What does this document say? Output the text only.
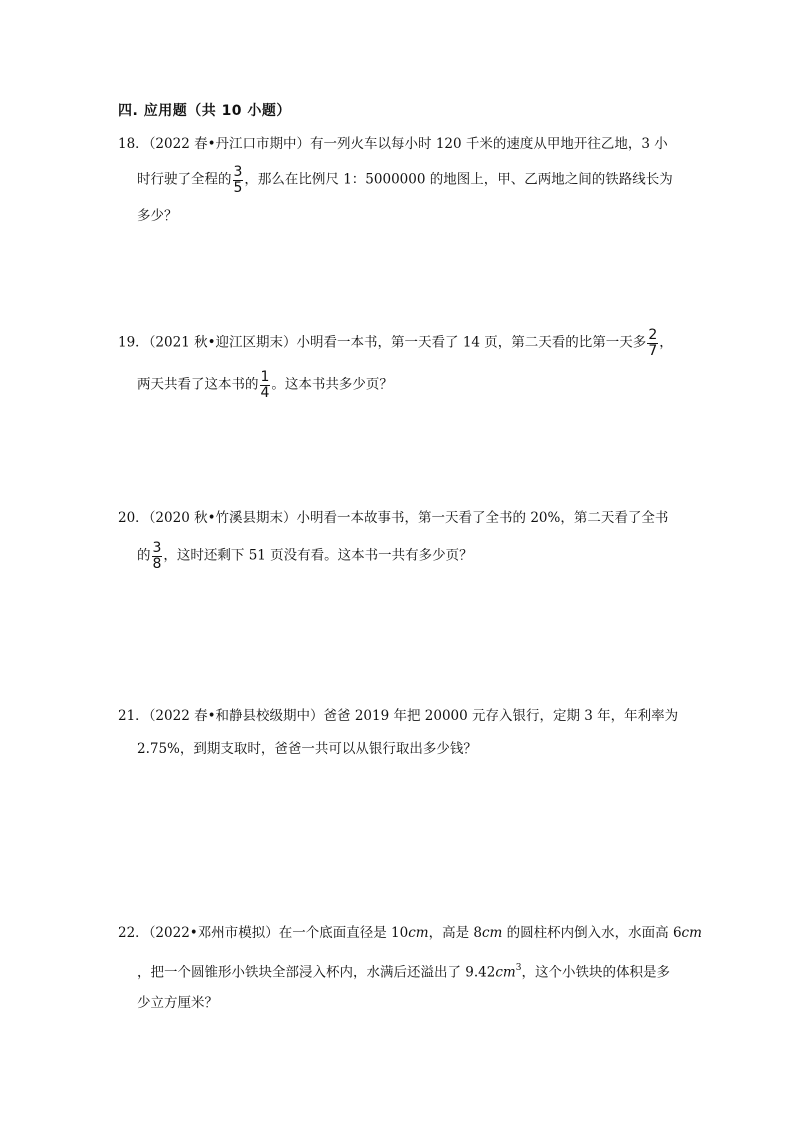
四. 应用题（共 10 小题）
18．（2022 春•丹江口市期中）有一列火车以每小时 120 千米的速度从甲地开往乙地，3 小
时行驶了全程的 $\frac{3}{5}$ ，那么在比例尺 1：5000000 的地图上，甲、乙两地之间的铁路线长为
多少？
19．（2021 秋•迎江区期末）小明看一本书，第一天看了 14 页，第二天看的比第一天多 $\frac{2}{7}$ ，
两天共看了这本书的 $\frac{1}{4}$ 。这本书共多少页？
20．（2020 秋•竹溪县期末）小明看一本故事书，第一天看了全书的 20%，第二天看了全书
的 $\frac{3}{8}$ ，这时还剩下 51 页没有看。这本书一共有多少页？
21．（2022 春•和静县校级期中）爸爸 2019 年把 20000 元存入银行，定期 3 年，年利率为
2.75%，到期支取时，爸爸一共可以从银行取出多少钱？
22．（2022•邓州市模拟）在一个底面直径是 10cm，高是 8cm 的圆柱杯内倒入水，水面高 6cm
，把一个圆锥形小铁块全部浸入杯内，水满后还溢出了 $9.42cm^3$，这个小铁块的体积是多
少立方厘米？
